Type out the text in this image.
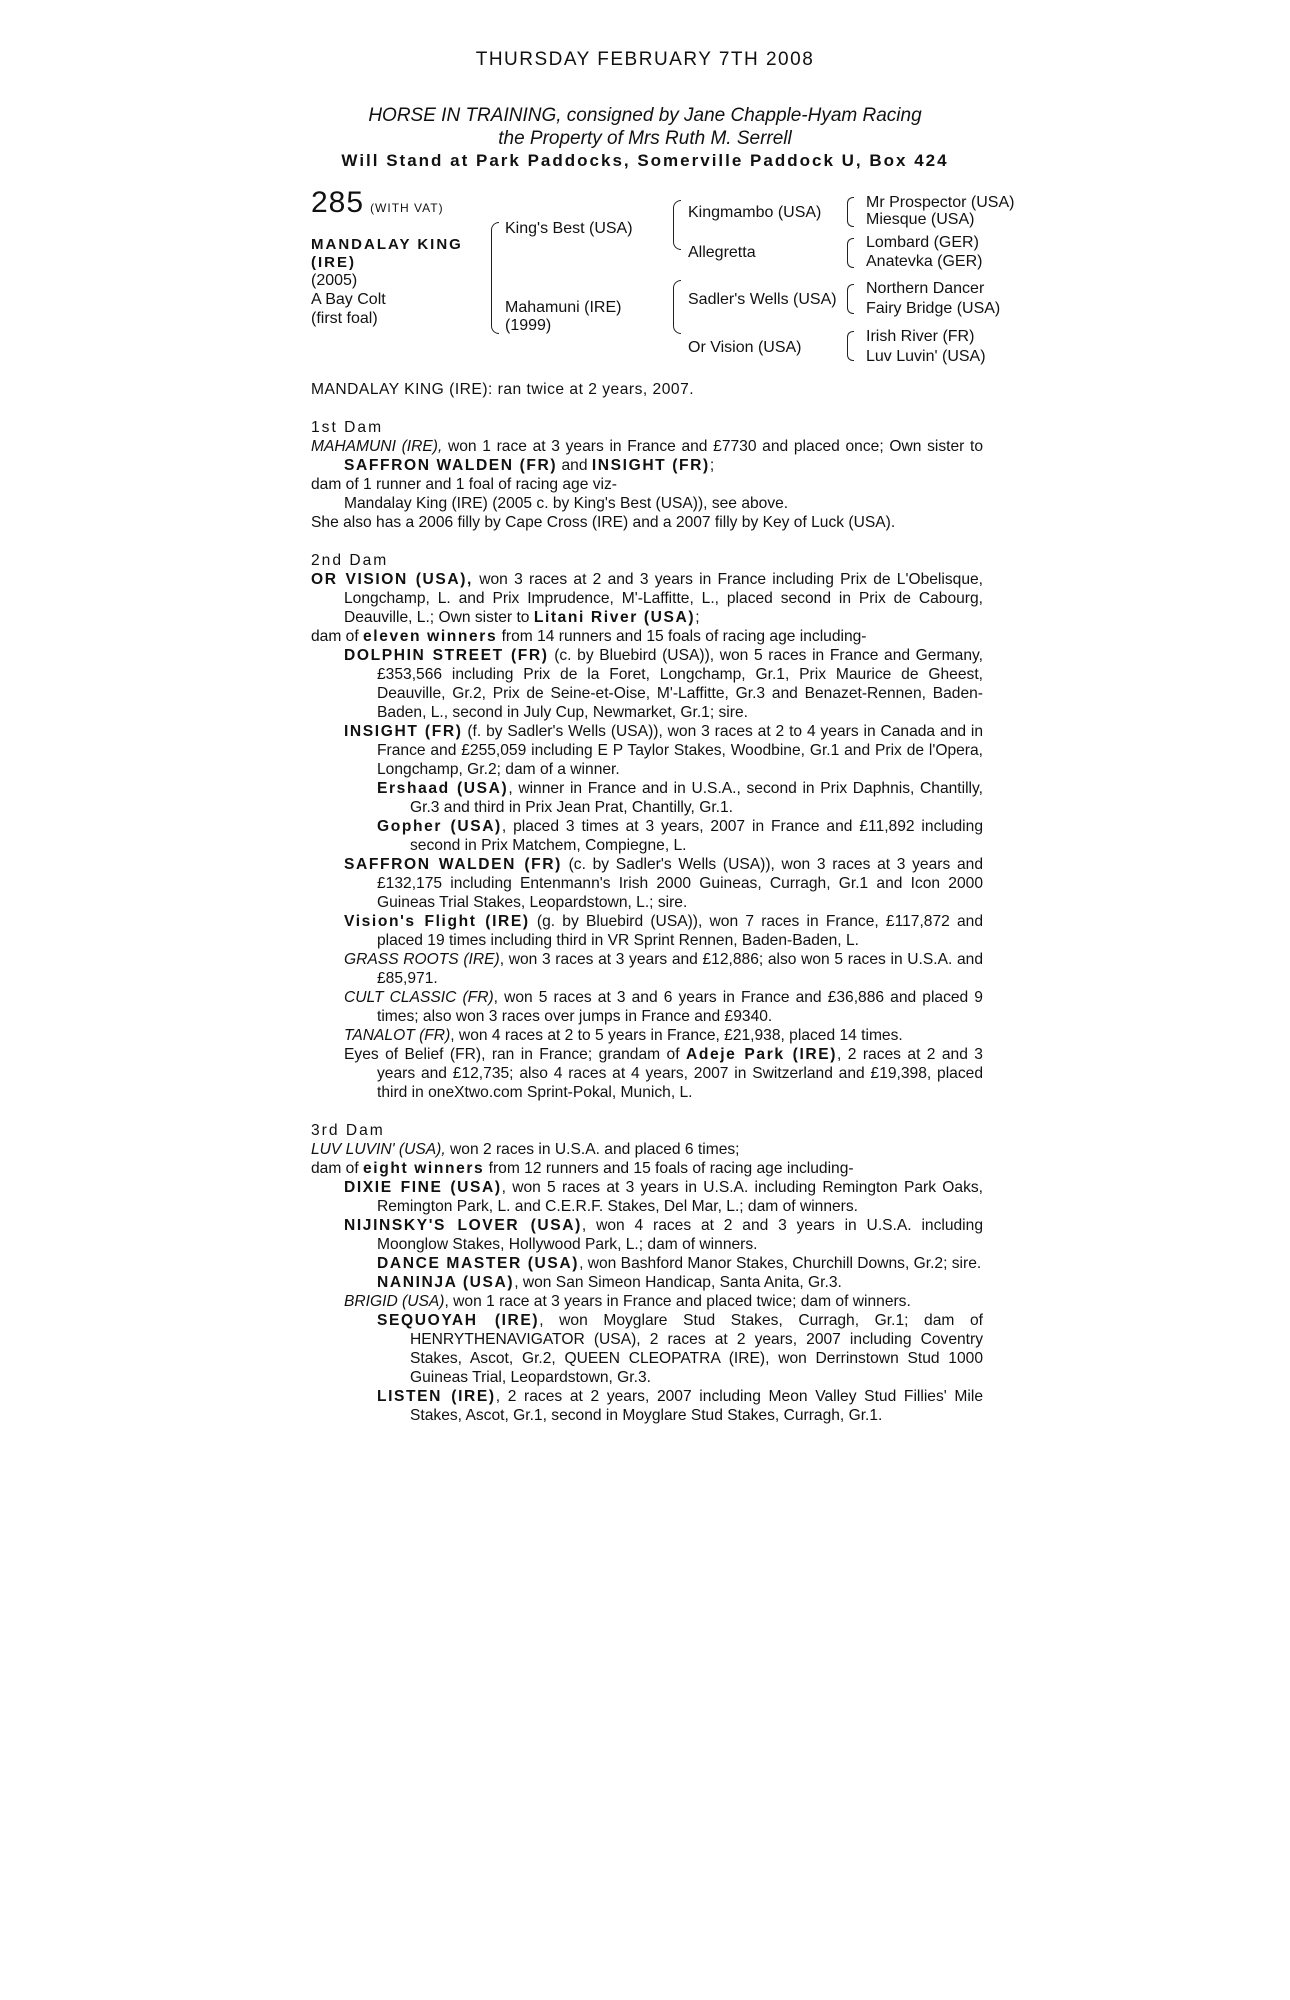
THURSDAY FEBRUARY 7TH 2008
HORSE IN TRAINING, consigned by Jane Chapple-Hyam Racing
the Property of Mrs Ruth M. Serrell
Will Stand at Park Paddocks, Somerville Paddock U, Box 424
285 (WITH VAT)
MANDALAY KING
(IRE)
(2005)
A Bay Colt
(first foal)
King's Best (USA)
Mahamuni (IRE)
(1999)
Kingmambo (USA)
Allegretta
Sadler's Wells (USA)
Or Vision (USA)
Mr Prospector (USA)
Miesque (USA)
Lombard (GER)
Anatevka (GER)
Northern Dancer
Fairy Bridge (USA)
Irish River (FR)
Luv Luvin' (USA)

MANDALAY KING (IRE): ran twice at 2 years, 2007.

1st Dam

MAHAMUNI (IRE), won 1 race at 3 years in France and £7730 and placed once; Own sister to SAFFRON WALDEN (FR) and INSIGHT (FR);

dam of 1 runner and 1 foal of racing age viz-

Mandalay King (IRE) (2005 c. by King's Best (USA)), see above.

She also has a 2006 filly by Cape Cross (IRE) and a 2007 filly by Key of Luck (USA).

2nd Dam

OR VISION (USA), won 3 races at 2 and 3 years in France including Prix de L'Obelisque, Longchamp, L. and Prix Imprudence, M'-Laffitte, L., placed second in Prix de Cabourg, Deauville, L.; Own sister to Litani River (USA);

dam of eleven winners from 14 runners and 15 foals of racing age including-

DOLPHIN STREET (FR) (c. by Bluebird (USA)), won 5 races in France and Germany, £353,566 including Prix de la Foret, Longchamp, Gr.1, Prix Maurice de Gheest, Deauville, Gr.2, Prix de Seine-et-Oise, M'-Laffitte, Gr.3 and Benazet-Rennen, Baden-Baden, L., second in July Cup, Newmarket, Gr.1; sire.

INSIGHT (FR) (f. by Sadler's Wells (USA)), won 3 races at 2 to 4 years in Canada and in France and £255,059 including E P Taylor Stakes, Woodbine, Gr.1 and Prix de l'Opera, Longchamp, Gr.2; dam of a winner.

Ershaad (USA), winner in France and in U.S.A., second in Prix Daphnis, Chantilly, Gr.3 and third in Prix Jean Prat, Chantilly, Gr.1.

Gopher (USA), placed 3 times at 3 years, 2007 in France and £11,892 including second in Prix Matchem, Compiegne, L.

SAFFRON WALDEN (FR) (c. by Sadler's Wells (USA)), won 3 races at 3 years and £132,175 including Entenmann's Irish 2000 Guineas, Curragh, Gr.1 and Icon 2000 Guineas Trial Stakes, Leopardstown, L.; sire.

Vision's Flight (IRE) (g. by Bluebird (USA)), won 7 races in France, £117,872 and placed 19 times including third in VR Sprint Rennen, Baden-Baden, L.

GRASS ROOTS (IRE), won 3 races at 3 years and £12,886; also won 5 races in U.S.A. and £85,971.

CULT CLASSIC (FR), won 5 races at 3 and 6 years in France and £36,886 and placed 9 times; also won 3 races over jumps in France and £9340.

TANALOT (FR), won 4 races at 2 to 5 years in France, £21,938, placed 14 times.

Eyes of Belief (FR), ran in France; grandam of Adeje Park (IRE), 2 races at 2 and 3 years and £12,735; also 4 races at 4 years, 2007 in Switzerland and £19,398, placed third in oneXtwo.com Sprint-Pokal, Munich, L.

3rd Dam

LUV LUVIN' (USA), won 2 races in U.S.A. and placed 6 times;

dam of eight winners from 12 runners and 15 foals of racing age including-

DIXIE FINE (USA), won 5 races at 3 years in U.S.A. including Remington Park Oaks, Remington Park, L. and C.E.R.F. Stakes, Del Mar, L.; dam of winners.

NIJINSKY'S LOVER (USA), won 4 races at 2 and 3 years in U.S.A. including Moonglow Stakes, Hollywood Park, L.; dam of winners.

DANCE MASTER (USA), won Bashford Manor Stakes, Churchill Downs, Gr.2; sire.

NANINJA (USA), won San Simeon Handicap, Santa Anita, Gr.3.

BRIGID (USA), won 1 race at 3 years in France and placed twice; dam of winners.

SEQUOYAH (IRE), won Moyglare Stud Stakes, Curragh, Gr.1; dam of HENRYTHENAVIGATOR (USA), 2 races at 2 years, 2007 including Coventry Stakes, Ascot, Gr.2, QUEEN CLEOPATRA (IRE), won Derrinstown Stud 1000 Guineas Trial, Leopardstown, Gr.3.

LISTEN (IRE), 2 races at 2 years, 2007 including Meon Valley Stud Fillies' Mile Stakes, Ascot, Gr.1, second in Moyglare Stud Stakes, Curragh, Gr.1.
